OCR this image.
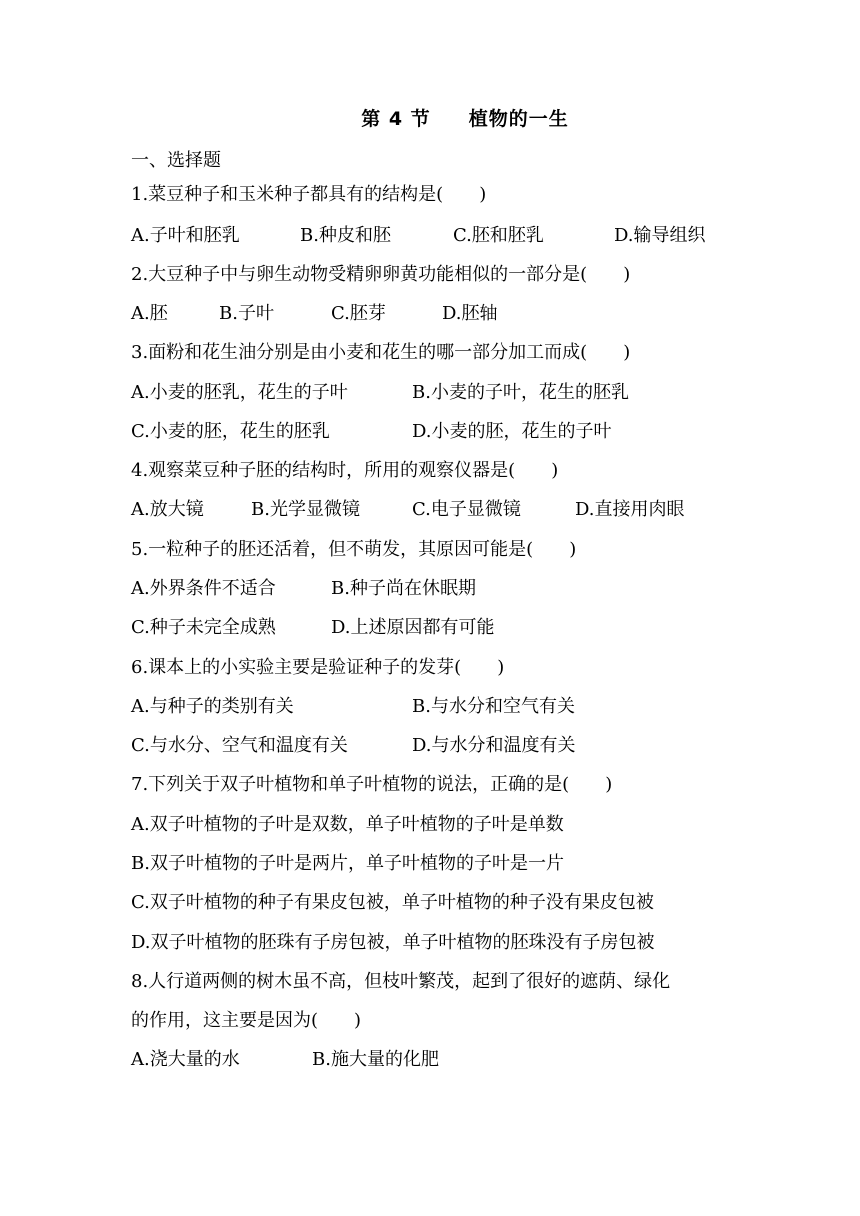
第 4 节     植物的一生
一、选择题
1.菜豆种子和玉米种子都具有的结构是(　　)
A.子叶和胚乳	B.种皮和胚	C.胚和胚乳	D.输导组织
2.大豆种子中与卵生动物受精卵卵黄功能相似的一部分是(　　)
A.胚	B.子叶	C.胚芽	D.胚轴
3.面粉和花生油分别是由小麦和花生的哪一部分加工而成(　　)
A.小麦的胚乳，花生的子叶	B.小麦的子叶，花生的胚乳
C.小麦的胚，花生的胚乳	D.小麦的胚，花生的子叶
4.观察菜豆种子胚的结构时，所用的观察仪器是(　　)
A.放大镜	B.光学显微镜	C.电子显微镜	D.直接用肉眼
5.一粒种子的胚还活着，但不萌发，其原因可能是(　　)
A.外界条件不适合	B.种子尚在休眠期
C.种子未完全成熟	D.上述原因都有可能
6.课本上的小实验主要是验证种子的发芽(　　)
A.与种子的类别有关	B.与水分和空气有关
C.与水分、空气和温度有关	D.与水分和温度有关
7.下列关于双子叶植物和单子叶植物的说法，正确的是(　　)
A.双子叶植物的子叶是双数，单子叶植物的子叶是单数
B.双子叶植物的子叶是两片，单子叶植物的子叶是一片
C.双子叶植物的种子有果皮包被，单子叶植物的种子没有果皮包被
D.双子叶植物的胚珠有子房包被，单子叶植物的胚珠没有子房包被
8.人行道两侧的树木虽不高，但枝叶繁茂，起到了很好的遮荫、绿化
的作用，这主要是因为(　　)
A.浇大量的水	B.施大量的化肥
